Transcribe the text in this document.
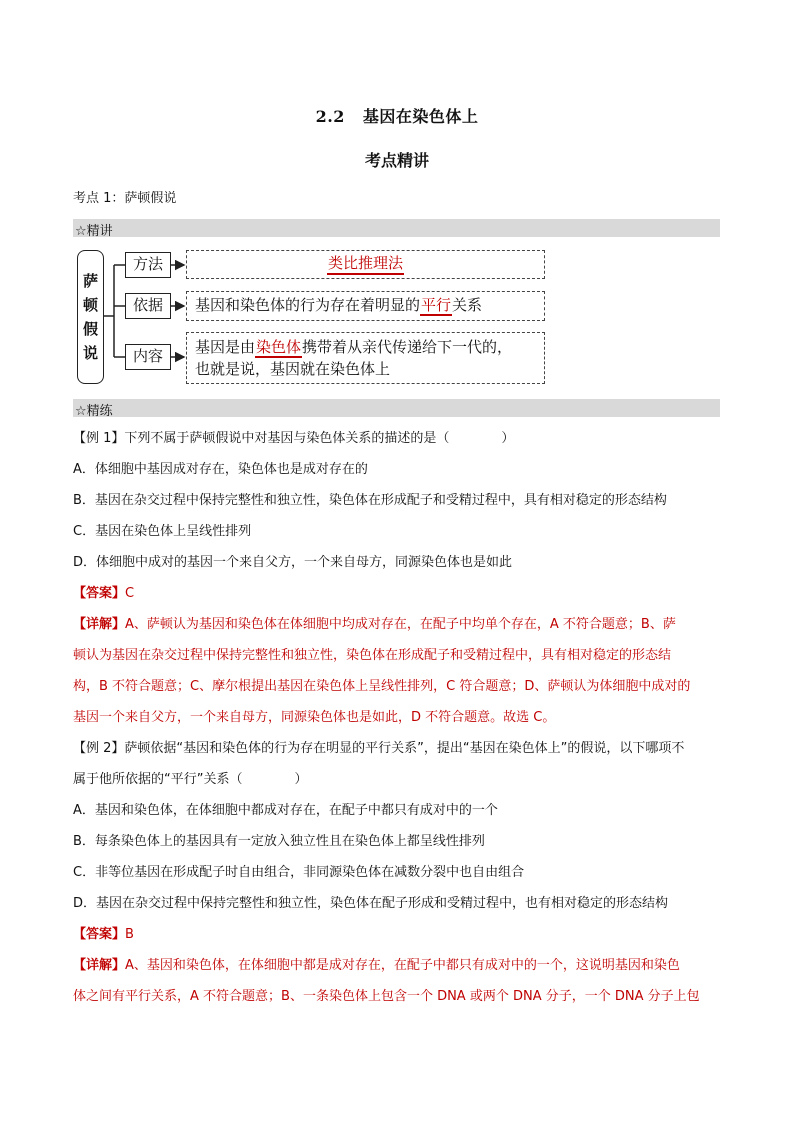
2.2 基因在染色体上
考点精讲
考点 1：萨顿假说
☆精讲
萨
顿
假
说
方法
依据
内容
类比推理法
基因和染色体的行为存在着明显的平行关系
基因是由染色体携带着从亲代传递给下一代的，
也就是说，基因就在染色体上
☆精练
【例 1】下列不属于萨顿假说中对基因与染色体关系的描述的是（　　　　）
A．体细胞中基因成对存在，染色体也是成对存在的
B．基因在杂交过程中保持完整性和独立性，染色体在形成配子和受精过程中，具有相对稳定的形态结构
C．基因在染色体上呈线性排列
D．体细胞中成对的基因一个来自父方，一个来自母方，同源染色体也是如此
【答案】C
【详解】A、萨顿认为基因和染色体在体细胞中均成对存在，在配子中均单个存在，A 不符合题意；B、萨
顿认为基因在杂交过程中保持完整性和独立性，染色体在形成配子和受精过程中，具有相对稳定的形态结
构，B 不符合题意；C、摩尔根提出基因在染色体上呈线性排列，C 符合题意；D、萨顿认为体细胞中成对的
基因一个来自父方，一个来自母方，同源染色体也是如此，D 不符合题意。故选 C。
【例 2】萨顿依据“基因和染色体的行为存在明显的平行关系”，提出“基因在染色体上”的假说，以下哪项不
属于他所依据的“平行”关系（　　　　）
A．基因和染色体，在体细胞中都成对存在，在配子中都只有成对中的一个
B．每条染色体上的基因具有一定放入独立性且在染色体上都呈线性排列
C．非等位基因在形成配子时自由组合，非同源染色体在减数分裂中也自由组合
D．基因在杂交过程中保持完整性和独立性，染色体在配子形成和受精过程中，也有相对稳定的形态结构
【答案】B
【详解】A、基因和染色体，在体细胞中都是成对存在，在配子中都只有成对中的一个，这说明基因和染色
体之间有平行关系，A 不符合题意；B、一条染色体上包含一个 DNA 或两个 DNA 分子，一个 DNA 分子上包
